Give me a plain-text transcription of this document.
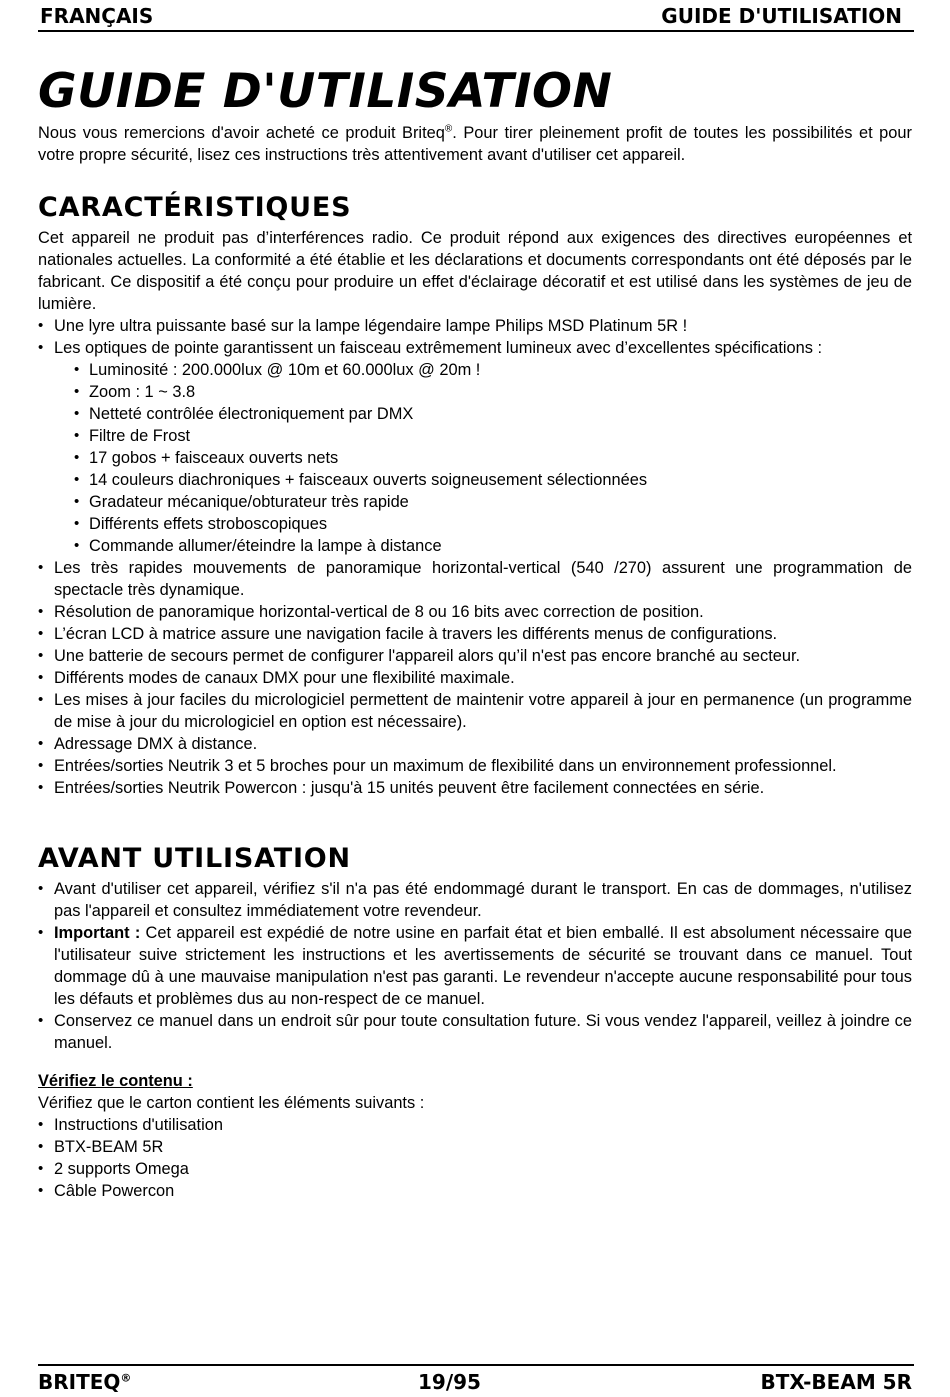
FRANÇAIS	GUIDE D'UTILISATION
GUIDE D'UTILISATION

Nous vous remercions d'avoir acheté ce produit Briteq®. Pour tirer pleinement profit de toutes les possibilités et pour votre propre sécurité, lisez ces instructions très attentivement avant d'utiliser cet appareil.

CARACTÉRISTIQUES

Cet appareil ne produit pas d’interférences radio. Ce produit répond aux exigences des directives européennes et nationales actuelles. La conformité a été établie et les déclarations et documents correspondants ont été déposés par le fabricant. Ce dispositif a été conçu pour produire un effet d'éclairage décoratif et est utilisé dans les systèmes de jeu de lumière.

• Une lyre ultra puissante basé sur la lampe légendaire lampe Philips MSD Platinum 5R !
• Les optiques de pointe garantissent un faisceau extrêmement lumineux avec d’excellentes spécifications :
• Luminosité : 200.000lux @ 10m et 60.000lux @ 20m !
• Zoom : 1 ~ 3.8
• Netteté contrôlée électroniquement par DMX
• Filtre de Frost
• 17 gobos + faisceaux ouverts nets
• 14 couleurs diachroniques + faisceaux ouverts soigneusement sélectionnées
• Gradateur mécanique/obturateur très rapide
• Différents effets stroboscopiques
• Commande allumer/éteindre la lampe à distance
• Les très rapides mouvements de panoramique horizontal-vertical (540 /270) assurent une programmation de spectacle très dynamique.
• Résolution de panoramique horizontal-vertical de 8 ou 16 bits avec correction de position.
• L’écran LCD à matrice assure une navigation facile à travers les différents menus de configurations.
• Une batterie de secours permet de configurer l'appareil alors qu’il n'est pas encore branché au secteur.
• Différents modes de canaux DMX pour une flexibilité maximale.
• Les mises à jour faciles du micrologiciel permettent de maintenir votre appareil à jour en permanence (un programme de mise à jour du micrologiciel en option est nécessaire).
• Adressage DMX à distance.
• Entrées/sorties Neutrik 3 et 5 broches pour un maximum de flexibilité dans un environnement professionnel.
• Entrées/sorties Neutrik Powercon : jusqu'à 15 unités peuvent être facilement connectées en série.
AVANT UTILISATION
• Avant d'utiliser cet appareil, vérifiez s'il n'a pas été endommagé durant le transport. En cas de dommages, n'utilisez pas l'appareil et consultez immédiatement votre revendeur.
• Important : Cet appareil est expédié de notre usine en parfait état et bien emballé. Il est absolument nécessaire que l'utilisateur suive strictement les instructions et les avertissements de sécurité se trouvant dans ce manuel. Tout dommage dû à une mauvaise manipulation n'est pas garanti. Le revendeur n'accepte aucune responsabilité pour tous les défauts et problèmes dus au non-respect de ce manuel.
• Conservez ce manuel dans un endroit sûr pour toute consultation future. Si vous vendez l'appareil, veillez à joindre ce manuel.
Vérifiez le contenu :
Vérifiez que le carton contient les éléments suivants :
• Instructions d'utilisation
• BTX-BEAM 5R
• 2 supports Omega
• Câble Powercon
BRITEQ®	19/95	BTX-BEAM 5R
